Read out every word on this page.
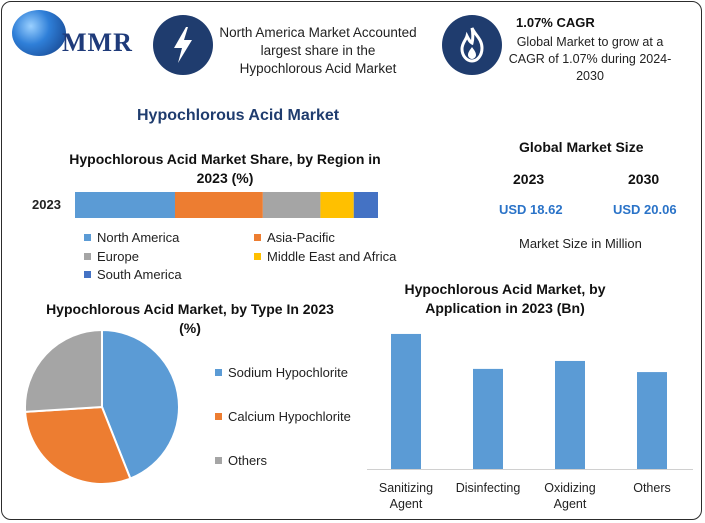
MMR	North America Market Accounted largest share in the Hypochlorous Acid Market
1.07% CAGR
Global Market to grow at a CAGR of 1.07% during 2024-2030
Hypochlorous Acid Market
Hypochlorous Acid Market Share, by Region in 2023 (%)
2023
North America	Asia-Pacific
Europe	Middle East and Africa
South America
Global Market Size
2023	2030
USD 18.62	USD 20.06
Market Size in Million
Hypochlorous Acid Market, by Type In 2023 (%)
Sodium Hypochlorite
Calcium Hypochlorite
Others
Hypochlorous Acid Market, by Application in 2023 (Bn)
Sanitizing Agent
Disinfecting	Oxidizing Agent
Others
